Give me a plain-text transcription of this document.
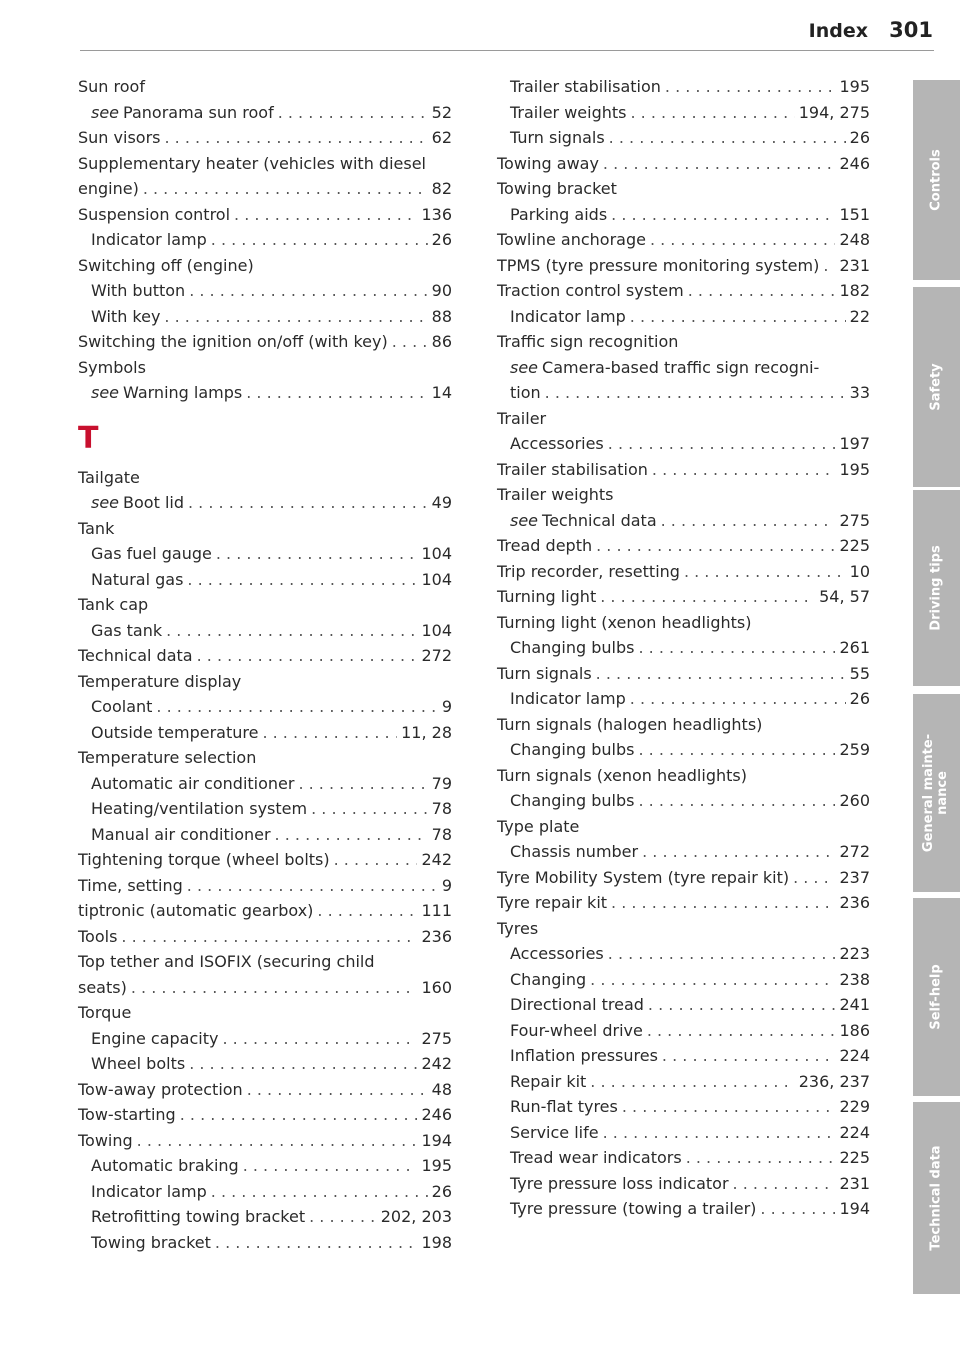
Index 301
Sun roof
see Panorama sun roof . . .	52
Sun visors . . .	62
Supplementary heater (vehicles with diesel
engine) . . .	82
Suspension control . . .	136
Indicator lamp . . .	26
Switching off (engine)
With button . . .	90
With key . . .	88
Switching the ignition on/off (with key) . . .	86
Symbols
see Warning lamps . . .	14
T
Tailgate
see Boot lid . . .	49
Tank
Gas fuel gauge . . .	104
Natural gas . . .	104
Tank cap
Gas tank . . .	104
Technical data . . .	272
Temperature display
Coolant . . .	9
Outside temperature . . .	11, 28
Temperature selection
Automatic air conditioner . . .	79
Heating/ventilation system . . .	78
Manual air conditioner . . .	78
Tightening torque (wheel bolts) . . .	242
Time, setting . . .	9
tiptronic (automatic gearbox) . . .	111
Tools . . .	236
Top tether and ISOFIX (securing child
seats) . . .	160
Torque
Engine capacity . . .	275
Wheel bolts . . .	242
Tow-away protection . . .	48
Tow-starting . . .	246
Towing . . .	194
Automatic braking . . .	195
Indicator lamp . . .	26
Retrofitting towing bracket . . .	202, 203
Towing bracket . . .	198
Trailer stabilisation . . .	195
Trailer weights . . .	194, 275
Turn signals . . .	26
Towing away . . .	246
Towing bracket
Parking aids . . .	151
Towline anchorage . . .	248
TPMS (tyre pressure monitoring system) . . . 231
Traction control system . . .	182
Indicator lamp . . .	22
Traffic sign recognition
see Camera-based traffic sign recogni-
tion . . .	33
Trailer
Accessories . . .	197
Trailer stabilisation . . .	195
Trailer weights
see Technical data . . .	275
Tread depth . . .	225
Trip recorder, resetting . . .	10
Turning light . . .	54, 57
Turning light (xenon headlights)
Changing bulbs . . .	261
Turn signals . . .	55
Indicator lamp . . .	26
Turn signals (halogen headlights)
Changing bulbs . . .	259
Turn signals (xenon headlights)
Changing bulbs . . .	260
Type plate
Chassis number . . .	272
Tyre Mobility System (tyre repair kit) . . .	237
Tyre repair kit . . .	236
Tyres
Accessories . . .	223
Changing . . .	238
Directional tread . . .	241
Four-wheel drive . . .	186
Inflation pressures . . .	224
Repair kit . . .	236, 237
Run-flat tyres . . .	229
Service life . . .	224
Tread wear indicators . . .	225
Tyre pressure loss indicator . . .	231
Tyre pressure (towing a trailer) . . .	194
Controls
Safety
Driving tips
General mainte-
nance
Self-help
Technical data
